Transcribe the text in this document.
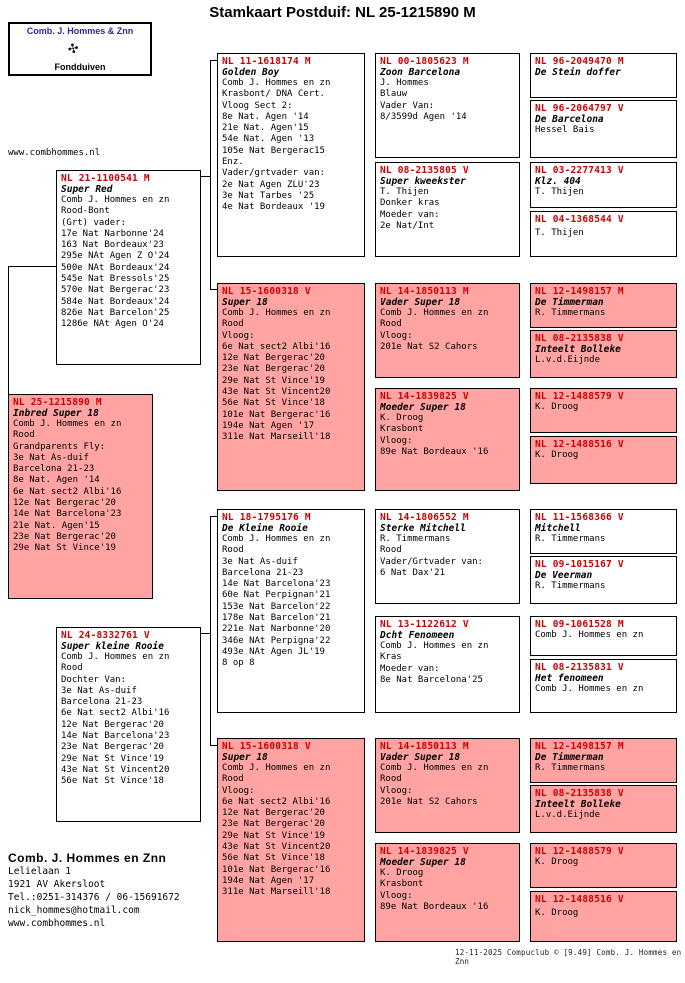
Stamkaart Postduif: NL 25-1215890 M
Comb. J. Hommes & Znn
✣
Fondduiven
www.combhommes.nl
NL 25-1215890 M
Inbred Super 18
Comb J. Hommes en zn
Rood
Grandparents Fly:
3e Nat As-duif
Barcelona 21-23
8e Nat. Agen '14
6e Nat sect2 Albi'16
12e Nat Bergerac'20
14e Nat Barcelona'23
21e Nat. Agen'15
23e Nat Bergerac'20
29e Nat St Vince'19
NL 21-1100541 M
Super Red
Comb J. Hommes en zn
Rood-Bont
(Grt) vader:
17e Nat Narbonne'24
163 Nat Bordeaux'23
295e NAt Agen Z O'24
500e NAt Bordeaux'24
545e Nat Bressols'25
570e Nat Bergerac'23
584e Nat Bordeaux'24
826e Nat Barcelon'25
1286e NAt Agen O'24
NL 24-8332761 V
Super kleine Rooie
Comb J. Hommes en zn
Rood
Dochter Van:
3e Nat As-duif
Barcelona 21-23
6e Nat sect2 Albi'16
12e Nat Bergerac'20
14e Nat Barcelona'23
23e Nat Bergerac'20
29e Nat St Vince'19
43e Nat St Vincent20
56e Nat St Vince'18
NL 11-1618174 M
Golden Boy
Comb J. Hommes en zn
Krasbont/ DNA Cert.
Vloog Sect 2:
8e Nat. Agen '14
21e Nat. Agen'15
54e Nat. Agen '13
105e Nat Bergerac15
Enz.
Vader/grtvader van:
2e Nat Agen ZLU'23
3e Nat Tarbes '25
4e Nat Bordeaux '19
NL 15-1600318 V
Super 18
Comb J. Hommes en zn
Rood
Vloog:
6e Nat sect2 Albi'16
12e Nat Bergerac'20
23e Nat Bergerac'20
29e Nat St Vince'19
43e Nat St Vincent20
56e Nat St Vince'18
101e Nat Bergerac'16
194e Nat Agen '17
311e Nat Marseill'18
NL 18-1795176 M
De Kleine Rooie
Comb J. Hommes en zn
Rood
3e Nat As-duif
Barcelona 21-23
14e Nat Barcelona'23
60e Nat Perpignan'21
153e Nat Barcelon'22
178e Nat Barcelon'21
221e Nat Narbonne'20
346e NAt Perpigna'22
493e NAt Agen JL'19
8 op 8
NL 15-1600318 V
Super 18
Comb J. Hommes en zn
Rood
Vloog:
6e Nat sect2 Albi'16
12e Nat Bergerac'20
23e Nat Bergerac'20
29e Nat St Vince'19
43e Nat St Vincent20
56e Nat St Vince'18
101e Nat Bergerac'16
194e Nat Agen '17
311e Nat Marseill'18
NL 00-1805623 M
Zoon Barcelona
J. Hommes
Blauw
Vader Van:
8/3599d Agen '14
NL 08-2135805 V
Super kweekster
T. Thijen
Donker kras
Moeder van:
2e Nat/Int
NL 14-1850113 M
Vader Super 18
Comb J. Hommes en zn
Rood
Vloog:
201e Nat S2 Cahors
NL 14-1839825 V
Moeder Super 18
K. Droog
Krasbont
Vloog:
89e Nat Bordeaux '16
NL 14-1806552 M
Sterke Mitchell
R. Timmermans
Rood
Vader/Grtvader van:
6 Nat Dax'21
NL 13-1122612 V
Dcht Fenomeen
Comb J. Hommes en zn
Kras
Moeder van:
8e Nat Barcelona'25
NL 14-1850113 M
Vader Super 18
Comb J. Hommes en zn
Rood
Vloog:
201e Nat S2 Cahors
NL 14-1839825 V
Moeder Super 18
K. Droog
Krasbont
Vloog:
89e Nat Bordeaux '16
NL 96-2049470 M
De Stein doffer
NL 96-2064797 V
De Barcelona
Hessel Bais
NL 03-2277413 V
Klz. 404
T. Thijen
NL 04-1368544 V
T. Thijen
NL 12-1498157 M
De Timmerman
R. Timmermans
NL 08-2135838 V
Inteelt Bolleke
L.v.d.Eijnde
NL 12-1488579 V
K. Droog
NL 12-1488516 V
K. Droog
NL 11-1568366 V
Mitchell
R. Timmermans
NL 09-1015167 V
De Veerman
R. Timmermans
NL 09-1061528 M
Comb J. Hommes en zn
NL 08-2135831 V
Het fenomeen
Comb J. Hommes en zn
NL 12-1498157 M
De Timmerman
R. Timmermans
NL 08-2135838 V
Inteelt Bolleke
L.v.d.Eijnde
NL 12-1488579 V
K. Droog
NL 12-1488516 V
K. Droog
Comb. J. Hommes en Znn
Lelielaan 1
1921 AV Akersloot
Tel.:0251-314376 / 06-15691672
nick_hommes@hotmail.com
www.combhommes.nl
12-11-2025 Compuclub © [9.49] Comb. J. Hommes en Znn
